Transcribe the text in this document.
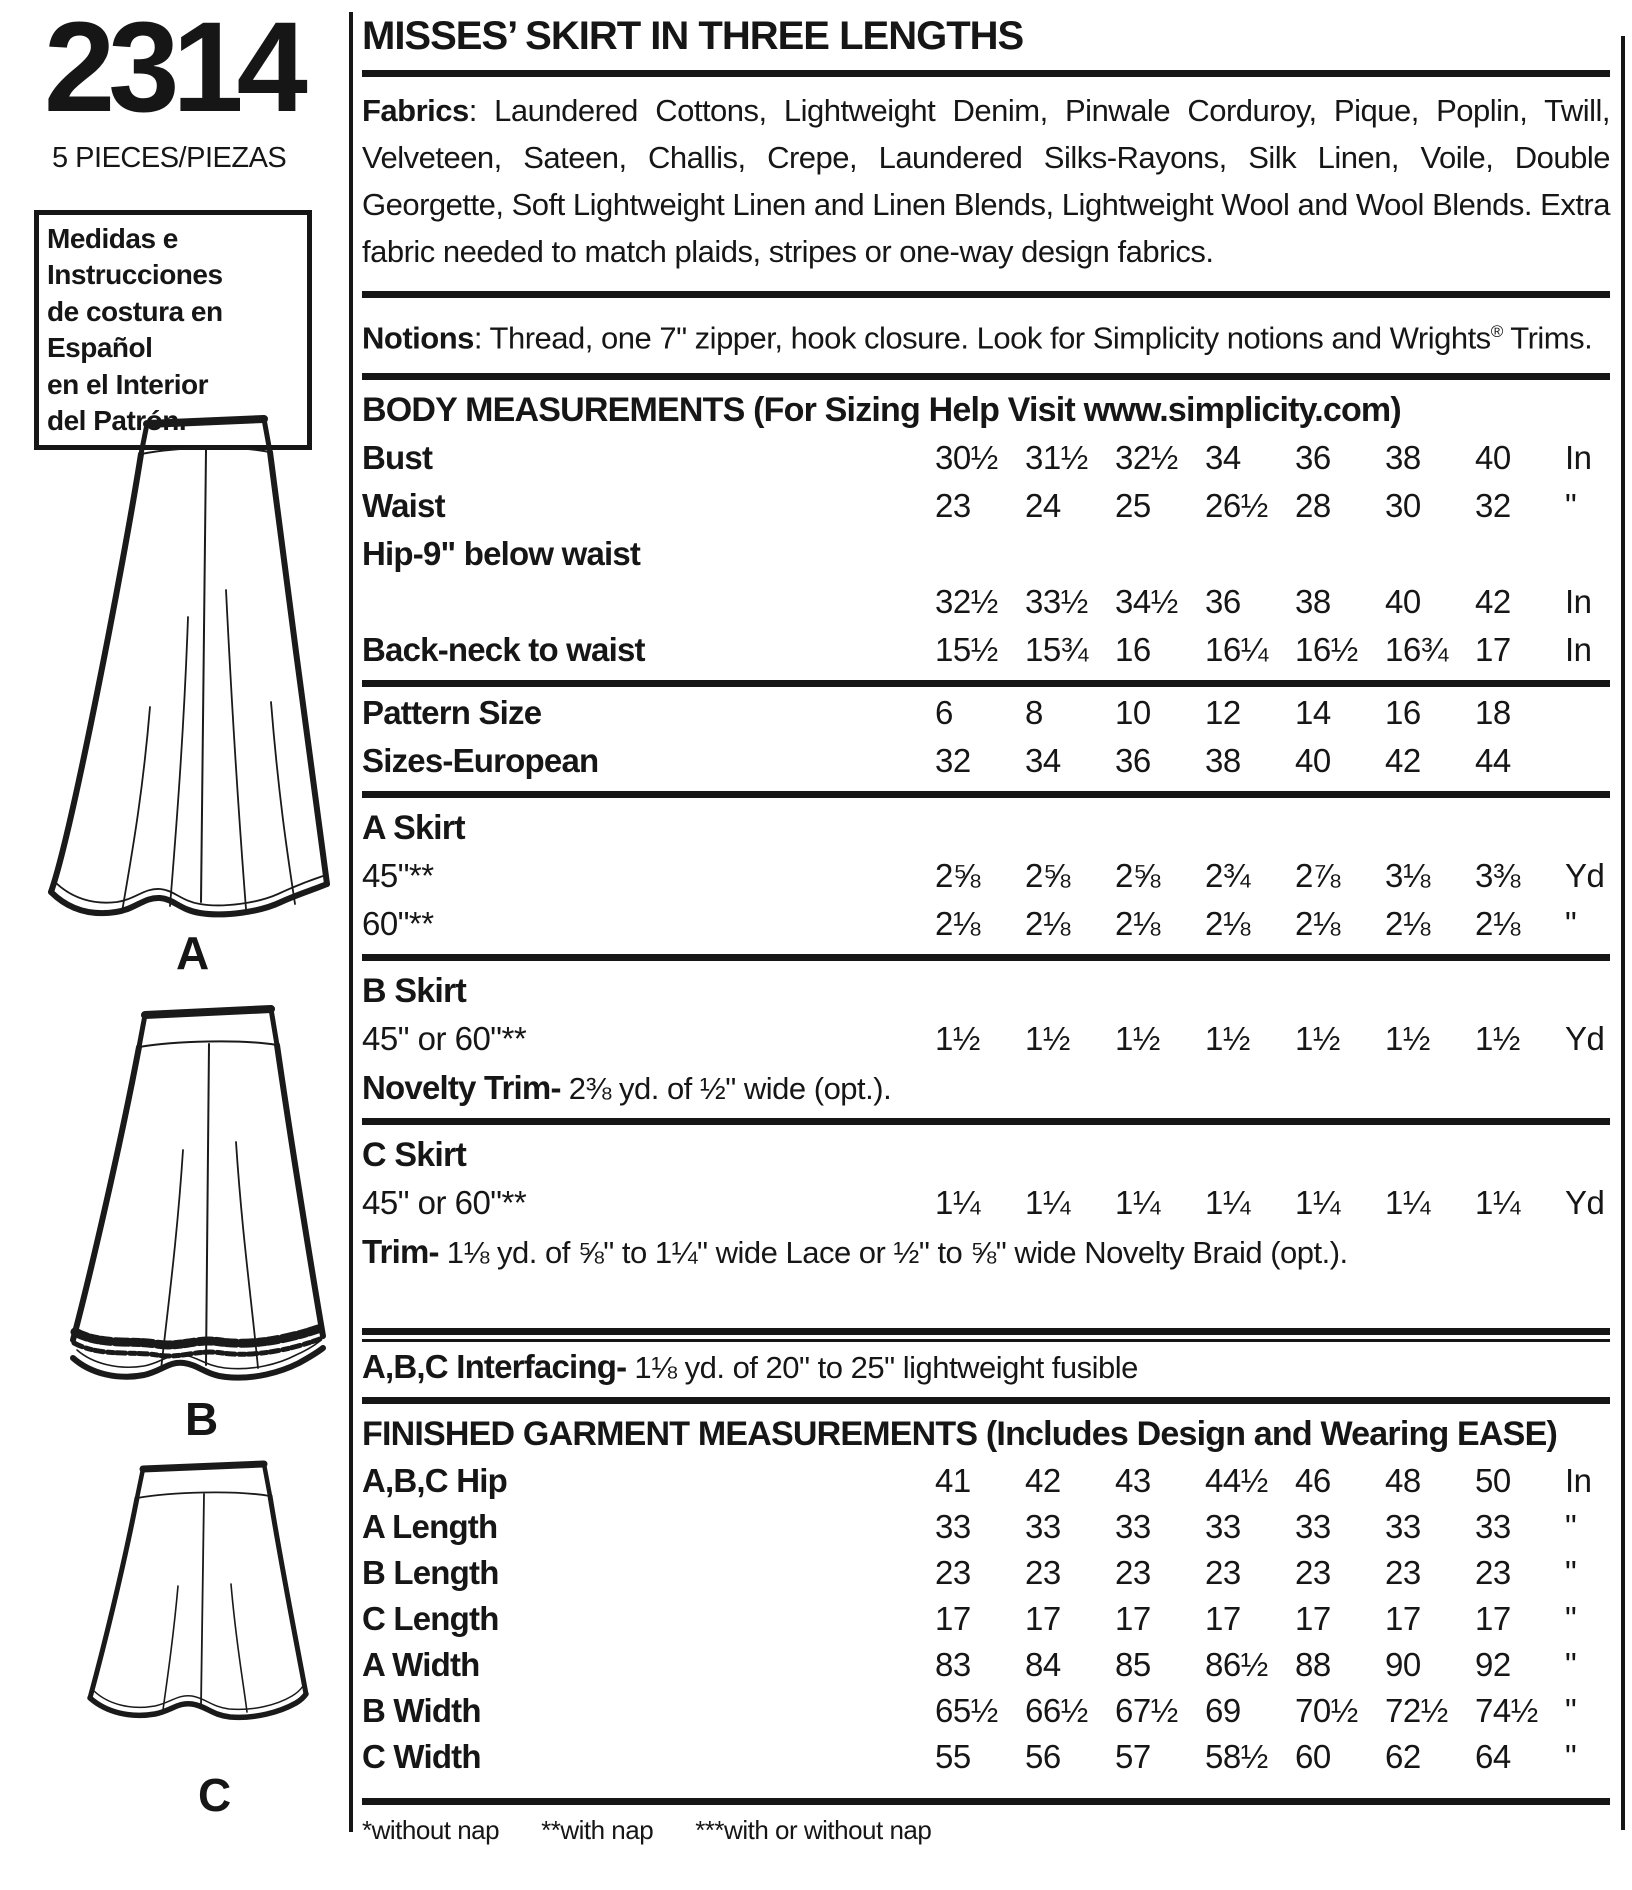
2314
5 PIECES/PIEZAS
Medidas e Instrucciones
de costura en Español
en el Interior
del Patrón.
A
B
C
MISSES’ SKIRT IN THREE LENGTHS

Fabrics: Laundered Cottons, Lightweight Denim, Pinwale Corduroy, Pique, Poplin, Twill, Velveteen, Sateen, Challis, Crepe, Laundered Silks-Rayons, Silk Linen, Voile, Double Georgette, Soft Lightweight Linen and Linen Blends, Lightweight Wool and Wool Blends. Extra fabric needed to match plaids, stripes or one-way design fabrics.

Notions: Thread, one 7" zipper, hook closure. Look for Simplicity notions and Wrights® Trims.

BODY MEASUREMENTS (For Sizing Help Visit www.simplicity.com)
Bust	30½ 31½ 32½ 34	36	38	40	In
Waist	23	24	25	26½ 28	30	32	"
Hip-9" below waist
32½ 33½ 34½ 36	38	40	42	In
Back-neck to waist	15½ 15¾ 16	16¼ 16½ 16¾ 17	In
Pattern Size	6	8	10	12	14	16	18
Sizes-European	32	34	36	38	40	42	44
A Skirt
45"**	2⅝	2⅝	2⅝	2¾	2⅞	3⅛	3⅜	Yd
60"**	2⅛	2⅛	2⅛	2⅛	2⅛	2⅛	2⅛	"
B Skirt
45" or 60"**	1½	1½	1½	1½	1½	1½	1½	Yd

Novelty Trim- 2⅜ yd. of ½" wide (opt.).

C Skirt
45" or 60"**	1¼	1¼	1¼	1¼	1¼	1¼	1¼	Yd

Trim- 1⅛ yd. of ⅝" to 1¼" wide Lace or ½" to ⅝" wide Novelty Braid (opt.).

A,B,C Interfacing- 1⅛ yd. of 20" to 25" lightweight fusible

FINISHED GARMENT MEASUREMENTS (Includes Design and Wearing EASE)
A,B,C Hip	41	42	43	44½ 46	48	50	In
A Length	33	33	33	33	33	33	33	"
B Length	23	23	23	23	23	23	23	"
C Length	17	17	17	17	17	17	17	"
A Width	83	84	85	86½ 88	90	92	"
B Width	65½ 66½ 67½ 69	70½ 72½ 74½ "
C Width	55	56	57	58½ 60	62	64	"

*without nap **with nap ***with or without nap
